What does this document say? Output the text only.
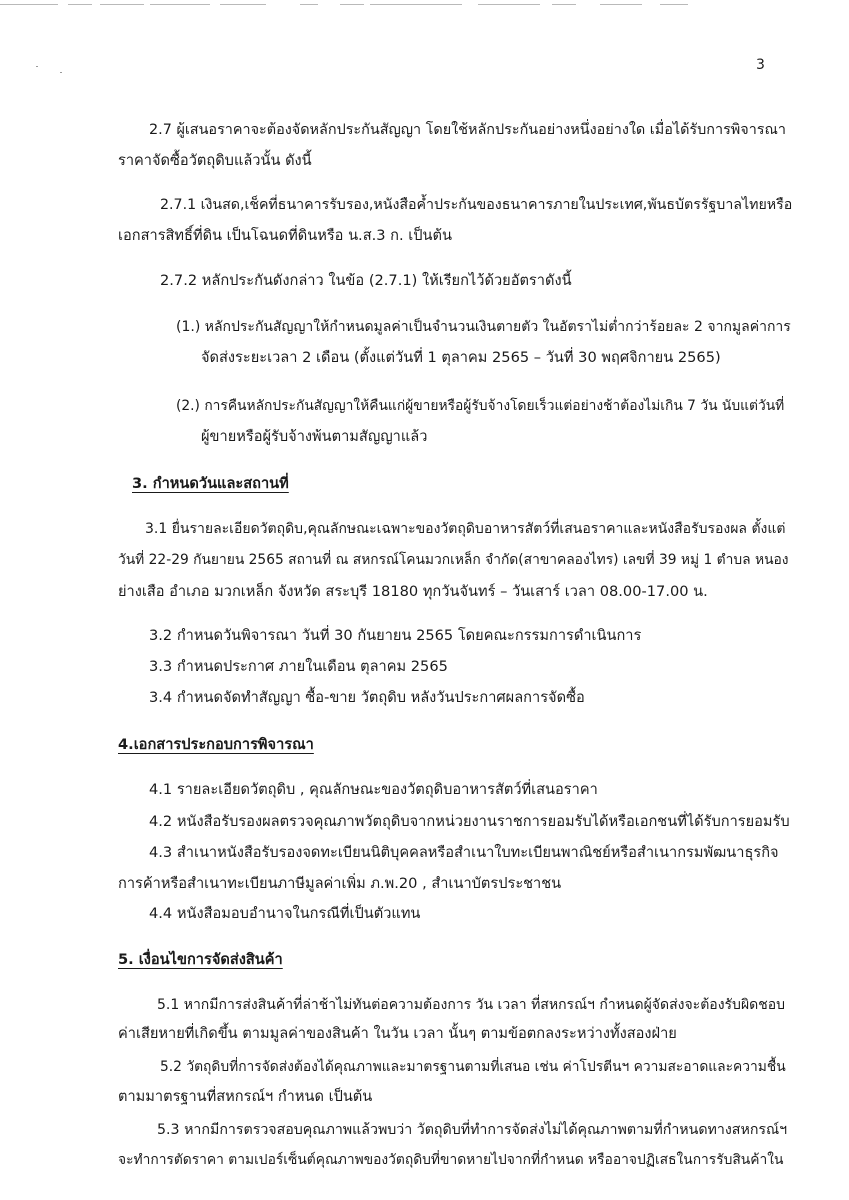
3
2.7 ผู้เสนอราคาจะต้องจัดหลักประกันสัญญา โดยใช้หลักประกันอย่างหนึ่งอย่างใด เมื่อได้รับการพิจารณา
ราคาจัดซื้อวัตถุดิบแล้วนั้น ดังนี้
2.7.1 เงินสด,เช็คที่ธนาคารรับรอง,หนังสือค้ำประกันของธนาคารภายในประเทศ,พันธบัตรรัฐบาลไทยหรือ
เอกสารสิทธิ์ที่ดิน เป็นโฉนดที่ดินหรือ น.ส.3 ก. เป็นต้น
2.7.2 หลักประกันดังกล่าว ในข้อ (2.7.1) ให้เรียกไว้ด้วยอัตราดังนี้
(1.) หลักประกันสัญญาให้กำหนดมูลค่าเป็นจำนวนเงินตายตัว ในอัตราไม่ต่ำกว่าร้อยละ 2 จากมูลค่าการ
จัดส่งระยะเวลา 2 เดือน (ตั้งแต่วันที่ 1 ตุลาคม 2565 – วันที่ 30 พฤศจิกายน 2565)
(2.) การคืนหลักประกันสัญญาให้คืนแก่ผู้ขายหรือผู้รับจ้างโดยเร็วแต่อย่างช้าต้องไม่เกิน 7 วัน นับแต่วันที่
ผู้ขายหรือผู้รับจ้างพ้นตามสัญญาแล้ว
3. กำหนดวันและสถานที่
3.1 ยื่นรายละเอียดวัตถุดิบ,คุณลักษณะเฉพาะของวัตถุดิบอาหารสัตว์ที่เสนอราคาและหนังสือรับรองผล ตั้งแต่
วันที่ 22-29 กันยายน 2565 สถานที่ ณ สหกรณ์โคนมวกเหล็ก จำกัด(สาขาคลองไทร) เลขที่ 39 หมู่ 1 ตำบล หนอง
ย่างเสือ อำเภอ มวกเหล็ก จังหวัด สระบุรี 18180 ทุกวันจันทร์ – วันเสาร์ เวลา 08.00-17.00 น.
3.2 กำหนดวันพิจารณา วันที่ 30 กันยายน 2565 โดยคณะกรรมการดำเนินการ
3.3 กำหนดประกาศ ภายในเดือน ตุลาคม 2565
3.4 กำหนดจัดทำสัญญา ซื้อ-ขาย วัตถุดิบ หลังวันประกาศผลการจัดซื้อ
4.เอกสารประกอบการพิจารณา
4.1 รายละเอียดวัตถุดิบ , คุณลักษณะของวัตถุดิบอาหารสัตว์ที่เสนอราคา
4.2 หนังสือรับรองผลตรวจคุณภาพวัตถุดิบจากหน่วยงานราชการยอมรับได้หรือเอกชนที่ได้รับการยอมรับ
4.3 สำเนาหนังสือรับรองจดทะเบียนนิติบุคคลหรือสำเนาใบทะเบียนพาณิชย์หรือสำเนากรมพัฒนาธุรกิจ
การค้าหรือสำเนาทะเบียนภาษีมูลค่าเพิ่ม ภ.พ.20 , สำเนาบัตรประชาชน
4.4 หนังสือมอบอำนาจในกรณีที่เป็นตัวแทน
5. เงื่อนไขการจัดส่งสินค้า
5.1 หากมีการส่งสินค้าที่ล่าช้าไม่ทันต่อความต้องการ วัน เวลา ที่สหกรณ์ฯ กำหนดผู้จัดส่งจะต้องรับผิดชอบ
ค่าเสียหายที่เกิดขึ้น ตามมูลค่าของสินค้า ในวัน เวลา นั้นๆ ตามข้อตกลงระหว่างทั้งสองฝ่าย
5.2 วัตถุดิบที่การจัดส่งต้องได้คุณภาพและมาตรฐานตามที่เสนอ เช่น ค่าโปรตีนฯ ความสะอาดและความชื้น
ตามมาตรฐานที่สหกรณ์ฯ กำหนด เป็นต้น
5.3 หากมีการตรวจสอบคุณภาพแล้วพบว่า วัตถุดิบที่ทำการจัดส่งไม่ได้คุณภาพตามที่กำหนดทางสหกรณ์ฯ
จะทำการตัดราคา ตามเปอร์เซ็นต์คุณภาพของวัตถุดิบที่ขาดหายไปจากที่กำหนด หรืออาจปฏิเสธในการรับสินค้าใน
